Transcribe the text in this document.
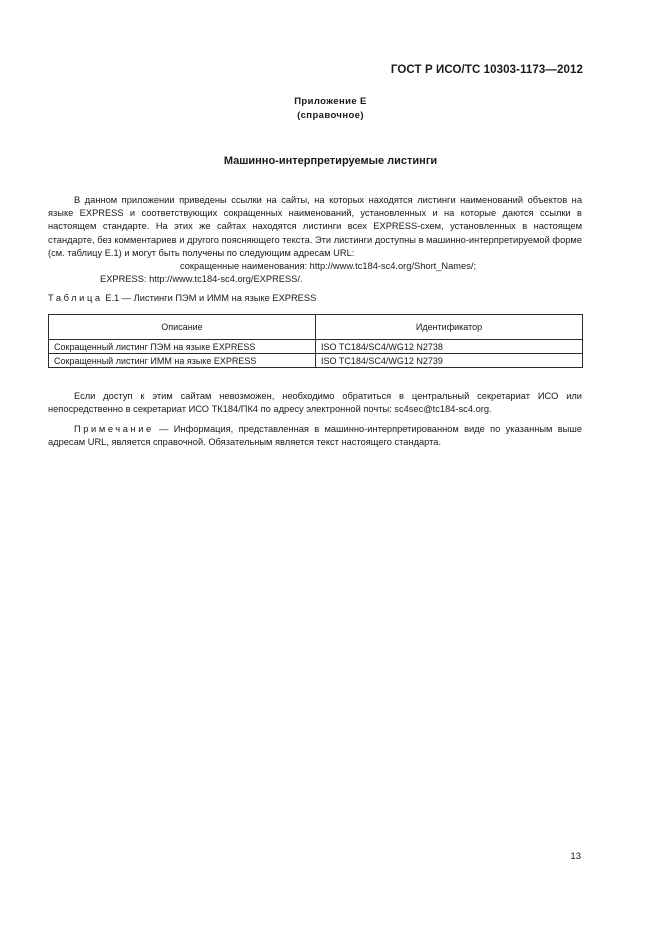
ГОСТ Р ИСО/ТС 10303-1173—2012
Приложение Е
(справочное)
Машинно-интерпретируемые листинги

В данном приложении приведены ссылки на сайты, на которых находятся листинги наименований объектов на языке EXPRESS и соответствующих сокращенных наименований, установленных и на которые даются ссылки в настоящем стандарте. На этих же сайтах находятся листинги всех EXPRESS-схем, установленных в настоящем стандарте, без комментариев и другого поясняющего текста. Эти листинги доступны в машинно-интерпретируемой форме (см. таблицу Е.1) и могут быть получены по следующим адресам URL:

сокращенные наименования: http://www.tc184-sc4.org/Short_Names/;

EXPRESS: http://www.tc184-sc4.org/EXPRESS/.

Таблица Е.1 — Листинги ПЭМ и ИММ на языке EXPRESS
Описание	Идентификатор
Сокращенный листинг ПЭМ на языке EXPRESS	ISO TC184/SC4/WG12 N2738
Сокращенный листинг ИММ на языке EXPRESS	ISO TC184/SC4/WG12 N2739

Если доступ к этим сайтам невозможен, необходимо обратиться в центральный секретариат ИСО или непосредственно в секретариат ИСО ТК184/ПК4 по адресу электронной почты: sc4sec@tc184-sc4.org.

Примечание — Информация, представленная в машинно-интерпретированном виде по указанным выше адресам URL, является справочной. Обязательным является текст настоящего стандарта.

13
